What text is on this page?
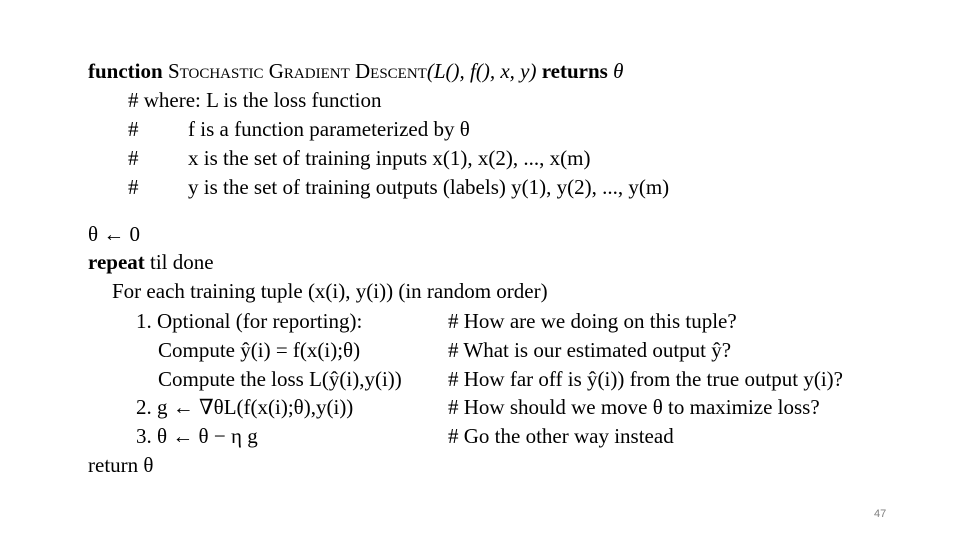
function Stochastic Gradient Descent(L(), f(), x, y) returns θ
# where: L is the loss function
# f is a function parameterized by θ
# x is the set of training inputs x(1), x(2), ..., x(m)
# y is the set of training outputs (labels) y(1), y(2), ..., y(m)
θ ← 0
repeat til done
For each training tuple (x(i), y(i)) (in random order)
1. Optional (for reporting):	# How are we doing on this tuple?
Compute ŷ(i) = f(x(i);θ)	# What is our estimated output ŷ?
Compute the loss L(ŷ(i),y(i)) # How far off is ŷ(i)) from the true output y(i)?
2. g ← ∇θL(f(x(i);θ),y(i))	# How should we move θ to maximize loss?
3. θ ← θ − η g	# Go the other way instead
return θ
47
